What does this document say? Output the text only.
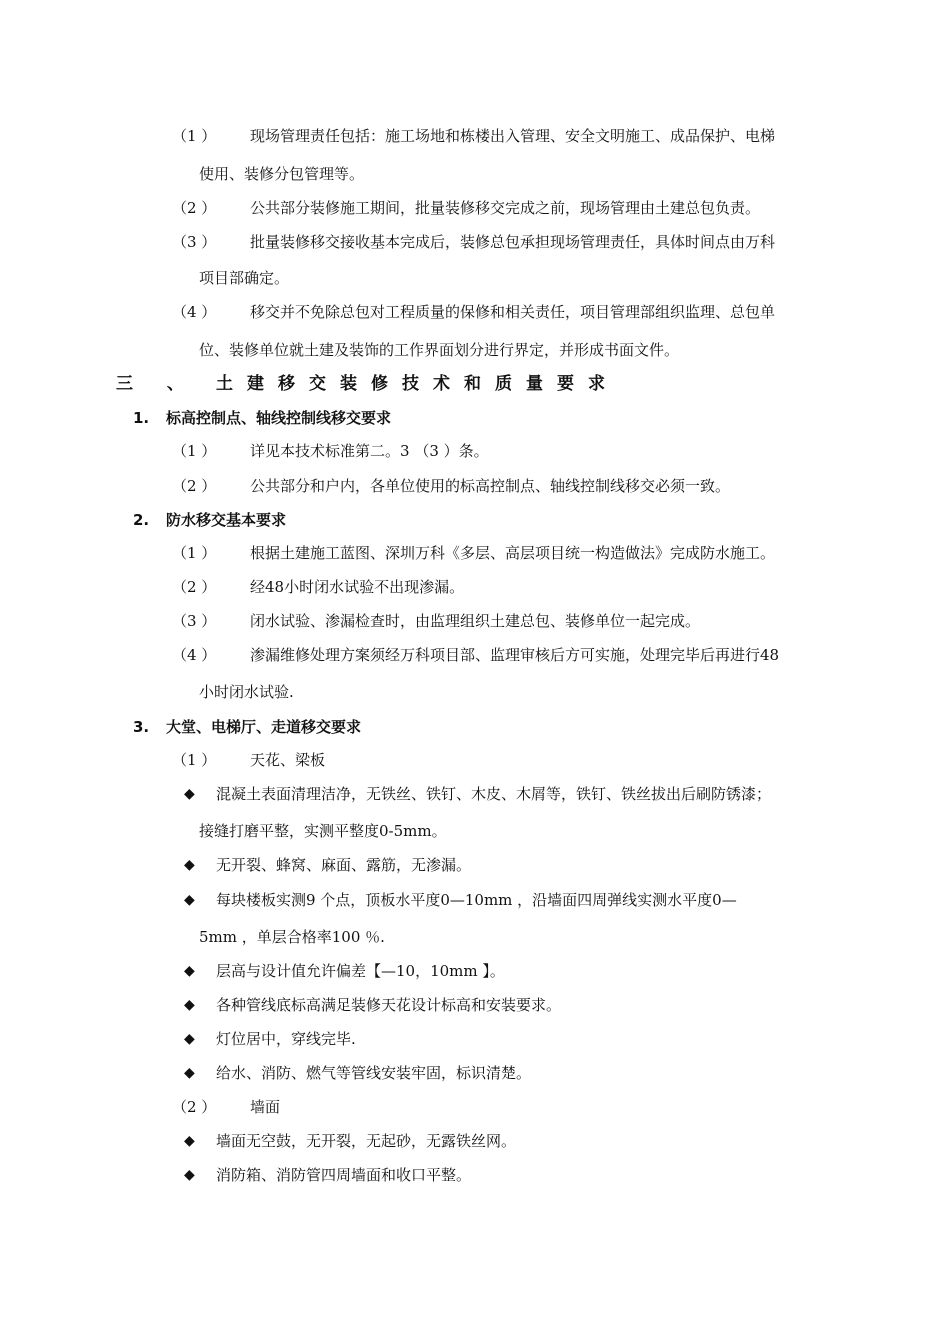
（1 ） 现场管理责任包括：施工场地和栋楼出入管理、安全文明施工、成品保护、电梯
使用、装修分包管理等。
（2 ） 公共部分装修施工期间，批量装修移交完成之前，现场管理由土建总包负责。
（3 ） 批量装修移交接收基本完成后，装修总包承担现场管理责任，具体时间点由万科
项目部确定。
（4 ） 移交并不免除总包对工程质量的保修和相关责任，项目管理部组织监理、总包单
位、装修单位就土建及装饰的工作界面划分进行界定，并形成书面文件。
三 、 土建移交装修技术和质量要求
1. 标高控制点、轴线控制线移交要求
（1 ） 详见本技术标准第二。3 （3 ）条。
（2 ） 公共部分和户内，各单位使用的标高控制点、轴线控制线移交必须一致。
2. 防水移交基本要求
（1 ） 根据土建施工蓝图、深圳万科《多层、高层项目统一构造做法》完成防水施工。
（2 ） 经48小时闭水试验不出现渗漏。
（3 ） 闭水试验、渗漏检查时，由监理组织土建总包、装修单位一起完成。
（4 ） 渗漏维修处理方案须经万科项目部、监理审核后方可实施，处理完毕后再进行48
小时闭水试验.
3. 大堂、电梯厅、走道移交要求
（1 ） 天花、梁板
◆ 混凝土表面清理洁净，无铁丝、铁钉、木皮、木屑等，铁钉、铁丝拔出后刷防锈漆；
接缝打磨平整，实测平整度0-5mm。
◆ 无开裂、蜂窝、麻面、露筋，无渗漏。
◆ 每块楼板实测9 个点，顶板水平度0—10mm ，沿墙面四周弹线实测水平度0—
5mm ，单层合格率100 ％.
◆ 层高与设计值允许偏差【—10，10mm 】。
◆ 各种管线底标高满足装修天花设计标高和安装要求。
◆ 灯位居中，穿线完毕.
◆ 给水、消防、燃气等管线安装牢固，标识清楚。
（2 ） 墙面
◆ 墙面无空鼓，无开裂，无起砂，无露铁丝网。
◆ 消防箱、消防管四周墙面和收口平整。
